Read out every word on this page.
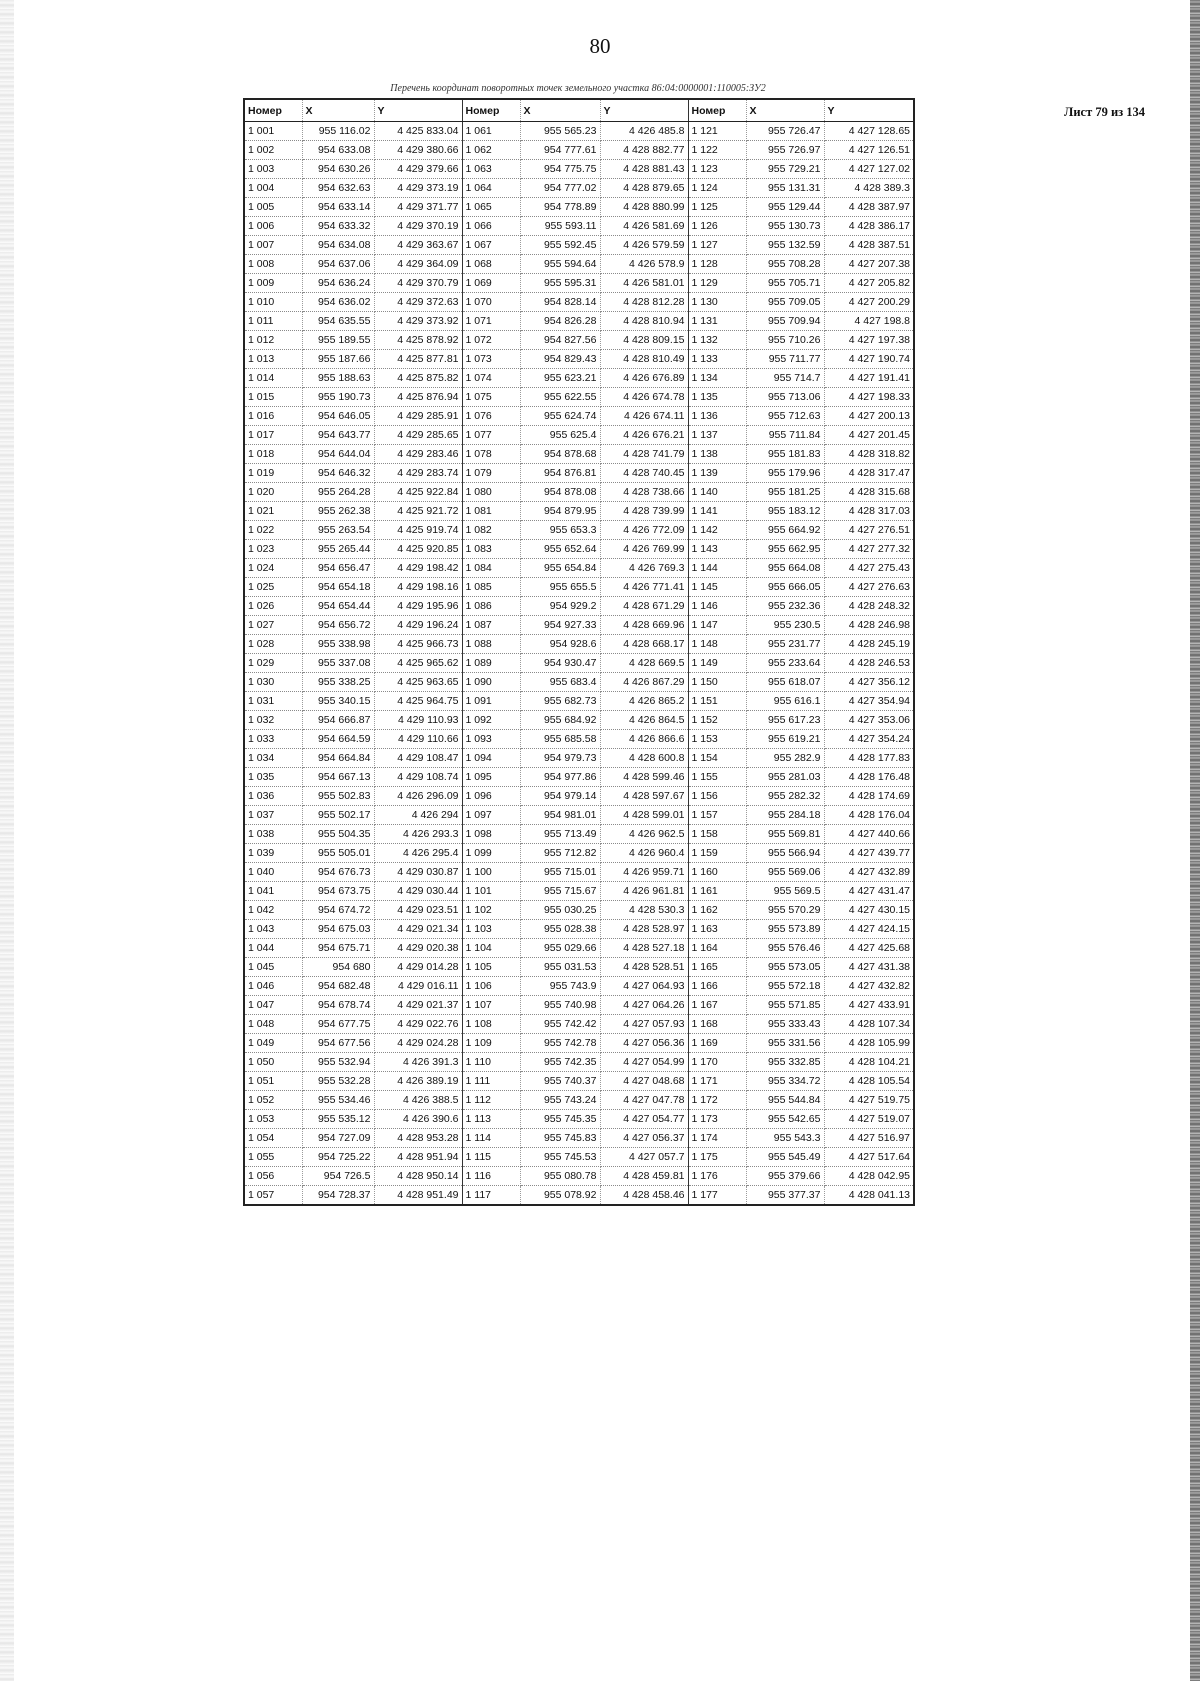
80
Перечень координат поворотных точек земельного участка 86:04:0000001:110005:ЗУ2
Лист 79 из 134
Номер	X	Y	Номер	X	Y	Номер	X	Y
1 001	955 116.02	4 425 833.04	1 061	955 565.23	4 426 485.8	1 121	955 726.47	4 427 128.65
1 002	954 633.08	4 429 380.66	1 062	954 777.61	4 428 882.77	1 122	955 726.97	4 427 126.51
1 003	954 630.26	4 429 379.66	1 063	954 775.75	4 428 881.43	1 123	955 729.21	4 427 127.02
1 004	954 632.63	4 429 373.19	1 064	954 777.02	4 428 879.65	1 124	955 131.31	4 428 389.3
1 005	954 633.14	4 429 371.77	1 065	954 778.89	4 428 880.99	1 125	955 129.44	4 428 387.97
1 006	954 633.32	4 429 370.19	1 066	955 593.11	4 426 581.69	1 126	955 130.73	4 428 386.17
1 007	954 634.08	4 429 363.67	1 067	955 592.45	4 426 579.59	1 127	955 132.59	4 428 387.51
1 008	954 637.06	4 429 364.09	1 068	955 594.64	4 426 578.9	1 128	955 708.28	4 427 207.38
1 009	954 636.24	4 429 370.79	1 069	955 595.31	4 426 581.01	1 129	955 705.71	4 427 205.82
1 010	954 636.02	4 429 372.63	1 070	954 828.14	4 428 812.28	1 130	955 709.05	4 427 200.29
1 011	954 635.55	4 429 373.92	1 071	954 826.28	4 428 810.94	1 131	955 709.94	4 427 198.8
1 012	955 189.55	4 425 878.92	1 072	954 827.56	4 428 809.15	1 132	955 710.26	4 427 197.38
1 013	955 187.66	4 425 877.81	1 073	954 829.43	4 428 810.49	1 133	955 711.77	4 427 190.74
1 014	955 188.63	4 425 875.82	1 074	955 623.21	4 426 676.89	1 134	955 714.7	4 427 191.41
1 015	955 190.73	4 425 876.94	1 075	955 622.55	4 426 674.78	1 135	955 713.06	4 427 198.33
1 016	954 646.05	4 429 285.91	1 076	955 624.74	4 426 674.11	1 136	955 712.63	4 427 200.13
1 017	954 643.77	4 429 285.65	1 077	955 625.4	4 426 676.21	1 137	955 711.84	4 427 201.45
1 018	954 644.04	4 429 283.46	1 078	954 878.68	4 428 741.79	1 138	955 181.83	4 428 318.82
1 019	954 646.32	4 429 283.74	1 079	954 876.81	4 428 740.45	1 139	955 179.96	4 428 317.47
1 020	955 264.28	4 425 922.84	1 080	954 878.08	4 428 738.66	1 140	955 181.25	4 428 315.68
1 021	955 262.38	4 425 921.72	1 081	954 879.95	4 428 739.99	1 141	955 183.12	4 428 317.03
1 022	955 263.54	4 425 919.74	1 082	955 653.3	4 426 772.09	1 142	955 664.92	4 427 276.51
1 023	955 265.44	4 425 920.85	1 083	955 652.64	4 426 769.99	1 143	955 662.95	4 427 277.32
1 024	954 656.47	4 429 198.42	1 084	955 654.84	4 426 769.3	1 144	955 664.08	4 427 275.43
1 025	954 654.18	4 429 198.16	1 085	955 655.5	4 426 771.41	1 145	955 666.05	4 427 276.63
1 026	954 654.44	4 429 195.96	1 086	954 929.2	4 428 671.29	1 146	955 232.36	4 428 248.32
1 027	954 656.72	4 429 196.24	1 087	954 927.33	4 428 669.96	1 147	955 230.5	4 428 246.98
1 028	955 338.98	4 425 966.73	1 088	954 928.6	4 428 668.17	1 148	955 231.77	4 428 245.19
1 029	955 337.08	4 425 965.62	1 089	954 930.47	4 428 669.5	1 149	955 233.64	4 428 246.53
1 030	955 338.25	4 425 963.65	1 090	955 683.4	4 426 867.29	1 150	955 618.07	4 427 356.12
1 031	955 340.15	4 425 964.75	1 091	955 682.73	4 426 865.2	1 151	955 616.1	4 427 354.94
1 032	954 666.87	4 429 110.93	1 092	955 684.92	4 426 864.5	1 152	955 617.23	4 427 353.06
1 033	954 664.59	4 429 110.66	1 093	955 685.58	4 426 866.6	1 153	955 619.21	4 427 354.24
1 034	954 664.84	4 429 108.47	1 094	954 979.73	4 428 600.8	1 154	955 282.9	4 428 177.83
1 035	954 667.13	4 429 108.74	1 095	954 977.86	4 428 599.46	1 155	955 281.03	4 428 176.48
1 036	955 502.83	4 426 296.09	1 096	954 979.14	4 428 597.67	1 156	955 282.32	4 428 174.69
1 037	955 502.17	4 426 294	1 097	954 981.01	4 428 599.01	1 157	955 284.18	4 428 176.04
1 038	955 504.35	4 426 293.3	1 098	955 713.49	4 426 962.5	1 158	955 569.81	4 427 440.66
1 039	955 505.01	4 426 295.4	1 099	955 712.82	4 426 960.4	1 159	955 566.94	4 427 439.77
1 040	954 676.73	4 429 030.87	1 100	955 715.01	4 426 959.71	1 160	955 569.06	4 427 432.89
1 041	954 673.75	4 429 030.44	1 101	955 715.67	4 426 961.81	1 161	955 569.5	4 427 431.47
1 042	954 674.72	4 429 023.51	1 102	955 030.25	4 428 530.3	1 162	955 570.29	4 427 430.15
1 043	954 675.03	4 429 021.34	1 103	955 028.38	4 428 528.97	1 163	955 573.89	4 427 424.15
1 044	954 675.71	4 429 020.38	1 104	955 029.66	4 428 527.18	1 164	955 576.46	4 427 425.68
1 045	954 680	4 429 014.28	1 105	955 031.53	4 428 528.51	1 165	955 573.05	4 427 431.38
1 046	954 682.48	4 429 016.11	1 106	955 743.9	4 427 064.93	1 166	955 572.18	4 427 432.82
1 047	954 678.74	4 429 021.37	1 107	955 740.98	4 427 064.26	1 167	955 571.85	4 427 433.91
1 048	954 677.75	4 429 022.76	1 108	955 742.42	4 427 057.93	1 168	955 333.43	4 428 107.34
1 049	954 677.56	4 429 024.28	1 109	955 742.78	4 427 056.36	1 169	955 331.56	4 428 105.99
1 050	955 532.94	4 426 391.3	1 110	955 742.35	4 427 054.99	1 170	955 332.85	4 428 104.21
1 051	955 532.28	4 426 389.19	1 111	955 740.37	4 427 048.68	1 171	955 334.72	4 428 105.54
1 052	955 534.46	4 426 388.5	1 112	955 743.24	4 427 047.78	1 172	955 544.84	4 427 519.75
1 053	955 535.12	4 426 390.6	1 113	955 745.35	4 427 054.77	1 173	955 542.65	4 427 519.07
1 054	954 727.09	4 428 953.28	1 114	955 745.83	4 427 056.37	1 174	955 543.3	4 427 516.97
1 055	954 725.22	4 428 951.94	1 115	955 745.53	4 427 057.7	1 175	955 545.49	4 427 517.64
1 056	954 726.5	4 428 950.14	1 116	955 080.78	4 428 459.81	1 176	955 379.66	4 428 042.95
1 057	954 728.37	4 428 951.49	1 117	955 078.92	4 428 458.46	1 177	955 377.37	4 428 041.13
